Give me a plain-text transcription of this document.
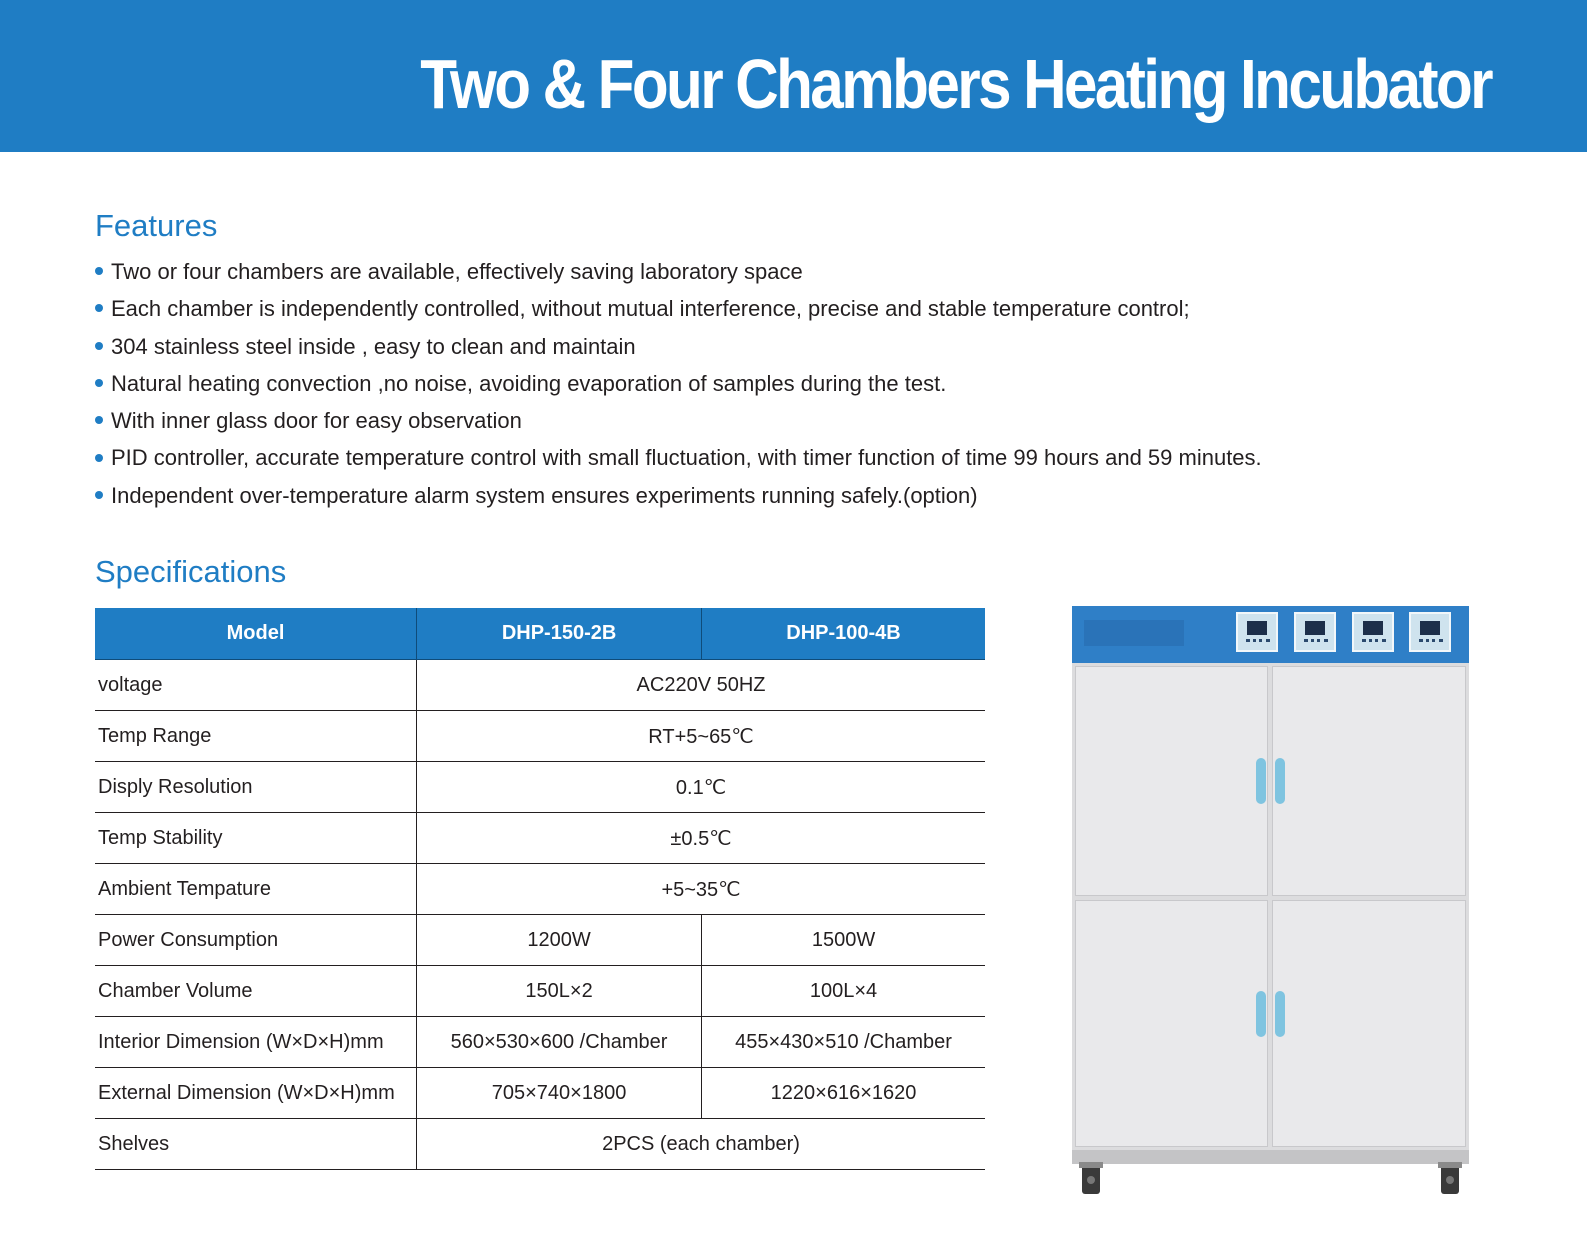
Two & Four Chambers Heating Incubator
Features
Two or four chambers are available, effectively saving laboratory space
Each chamber is independently controlled, without mutual interference, precise and stable temperature control;
304 stainless steel inside , easy to clean and maintain
Natural heating convection ,no noise, avoiding evaporation of samples during the test.
With inner glass door for easy observation
PID controller, accurate temperature control with small fluctuation, with timer function of time 99 hours and 59 minutes.
Independent over-temperature alarm system ensures experiments running safely.(option)
Specifications
Model	DHP-150-2B	DHP-100-4B
voltage	AC220V 50HZ	
Temp Range	RT+5~65℃	
Disply Resolution	0.1℃	
Temp Stability	±0.5℃	
Ambient Tempature	+5~35℃	
Power Consumption	1200W	1500W
Chamber Volume	150L×2	100L×4
Interior Dimension (W×D×H)mm	560×530×600 /Chamber	455×430×510 /Chamber
External Dimension (W×D×H)mm	705×740×1800	1220×616×1620
Shelves	2PCS (each chamber)	
